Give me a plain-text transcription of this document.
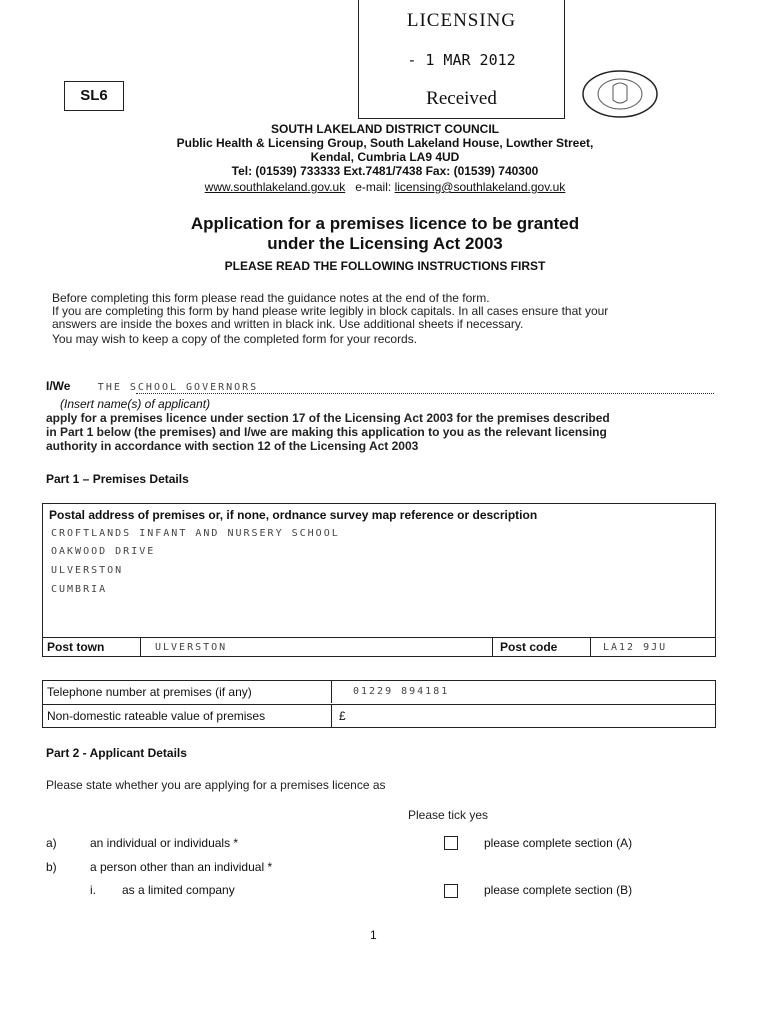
LICENSING
- 1 MAR 2012
Received
SL6
SOUTH LAKELAND DISTRICT COUNCIL
Public Health & Licensing Group, South Lakeland House, Lowther Street,
Kendal, Cumbria LA9 4UD
Tel: (01539) 733333 Ext.7481/7438 Fax: (01539) 740300
www.southlakeland.gov.uk e-mail: licensing@southlakeland.gov.uk
Application for a premises licence to be granted
under the Licensing Act 2003
PLEASE READ THE FOLLOWING INSTRUCTIONS FIRST
Before completing this form please read the guidance notes at the end of the form.
If you are completing this form by hand please write legibly in block capitals. In all cases ensure that your
answers are inside the boxes and written in black ink. Use additional sheets if necessary.
You may wish to keep a copy of the completed form for your records.
I/We	THE SCHOOL GOVERNORS
(Insert name(s) of applicant)
apply for a premises licence under section 17 of the Licensing Act 2003 for the premises described
in Part 1 below (the premises) and I/we are making this application to you as the relevant licensing
authority in accordance with section 12 of the Licensing Act 2003
Part 1 – Premises Details
Postal address of premises or, if none, ordnance survey map reference or description
CROFTLANDS INFANT AND NURSERY SCHOOL
OAKWOOD DRIVE
ULVERSTON
CUMBRIA
Post town	ULVERSTON	Post code	LA12 9JU
Telephone number at premises (if any)	01229 894181
Non-domestic rateable value of premises	£
Part 2 - Applicant Details
Please state whether you are applying for a premises licence as
Please tick yes
a)	an individual or individuals *	please complete section (A)
b)	a person other than an individual *
i. as a limited company	please complete section (B)
1
